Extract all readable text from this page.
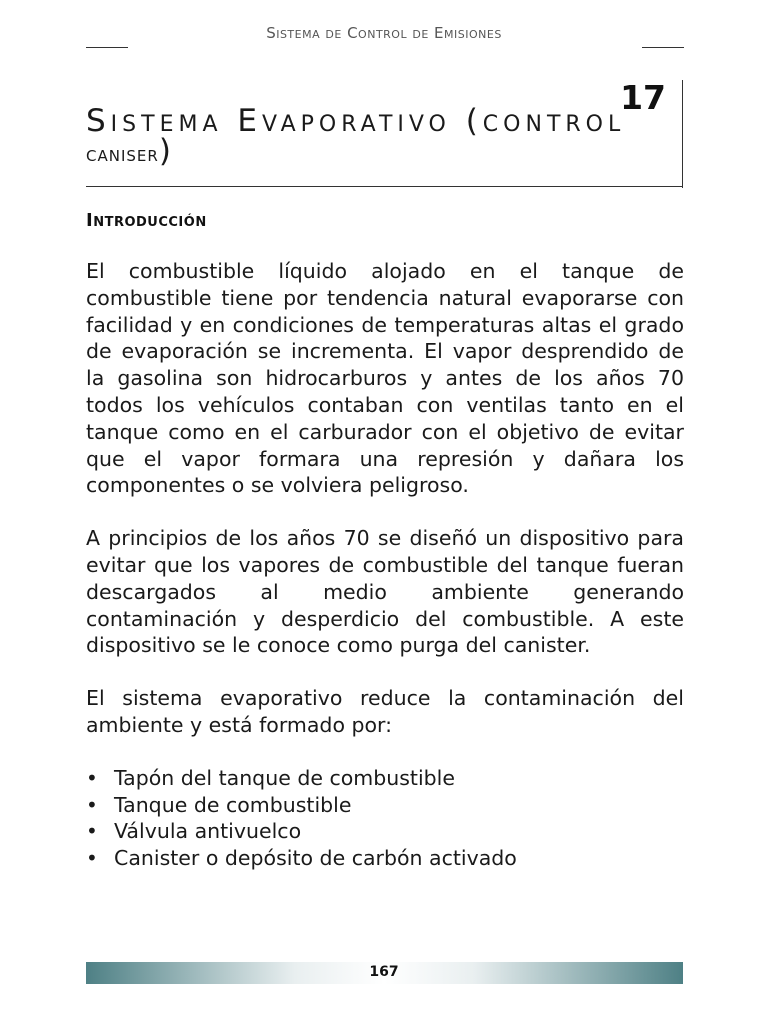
Sistema de Control de Emisiones
17
Sistema Evaporativo (control
caniser)
Introducción

El combustible líquido alojado en el tanque de combustible tiene por tendencia natural evaporarse con facilidad y en condiciones de temperaturas altas el grado de evaporación se incrementa. El vapor desprendido de la gasolina son hidrocarburos y antes de los años 70 todos los vehículos contaban con ventilas tanto en el tanque como en el carburador con el objetivo de evitar que el vapor formara una represión y dañara los componentes o se volviera peligroso.

A principios de los años 70 se diseñó un dispositivo para evitar que los vapores de combustible del tanque fueran descargados al medio ambiente generando contaminación y desperdicio del combustible. A este dispositivo se le conoce como purga del canister.

El sistema evaporativo reduce la contaminación del ambiente y está formado por:

• Tapón del tanque de combustible
• Tanque de combustible
• Válvula antivuelco
• Canister o depósito de carbón activado
167
